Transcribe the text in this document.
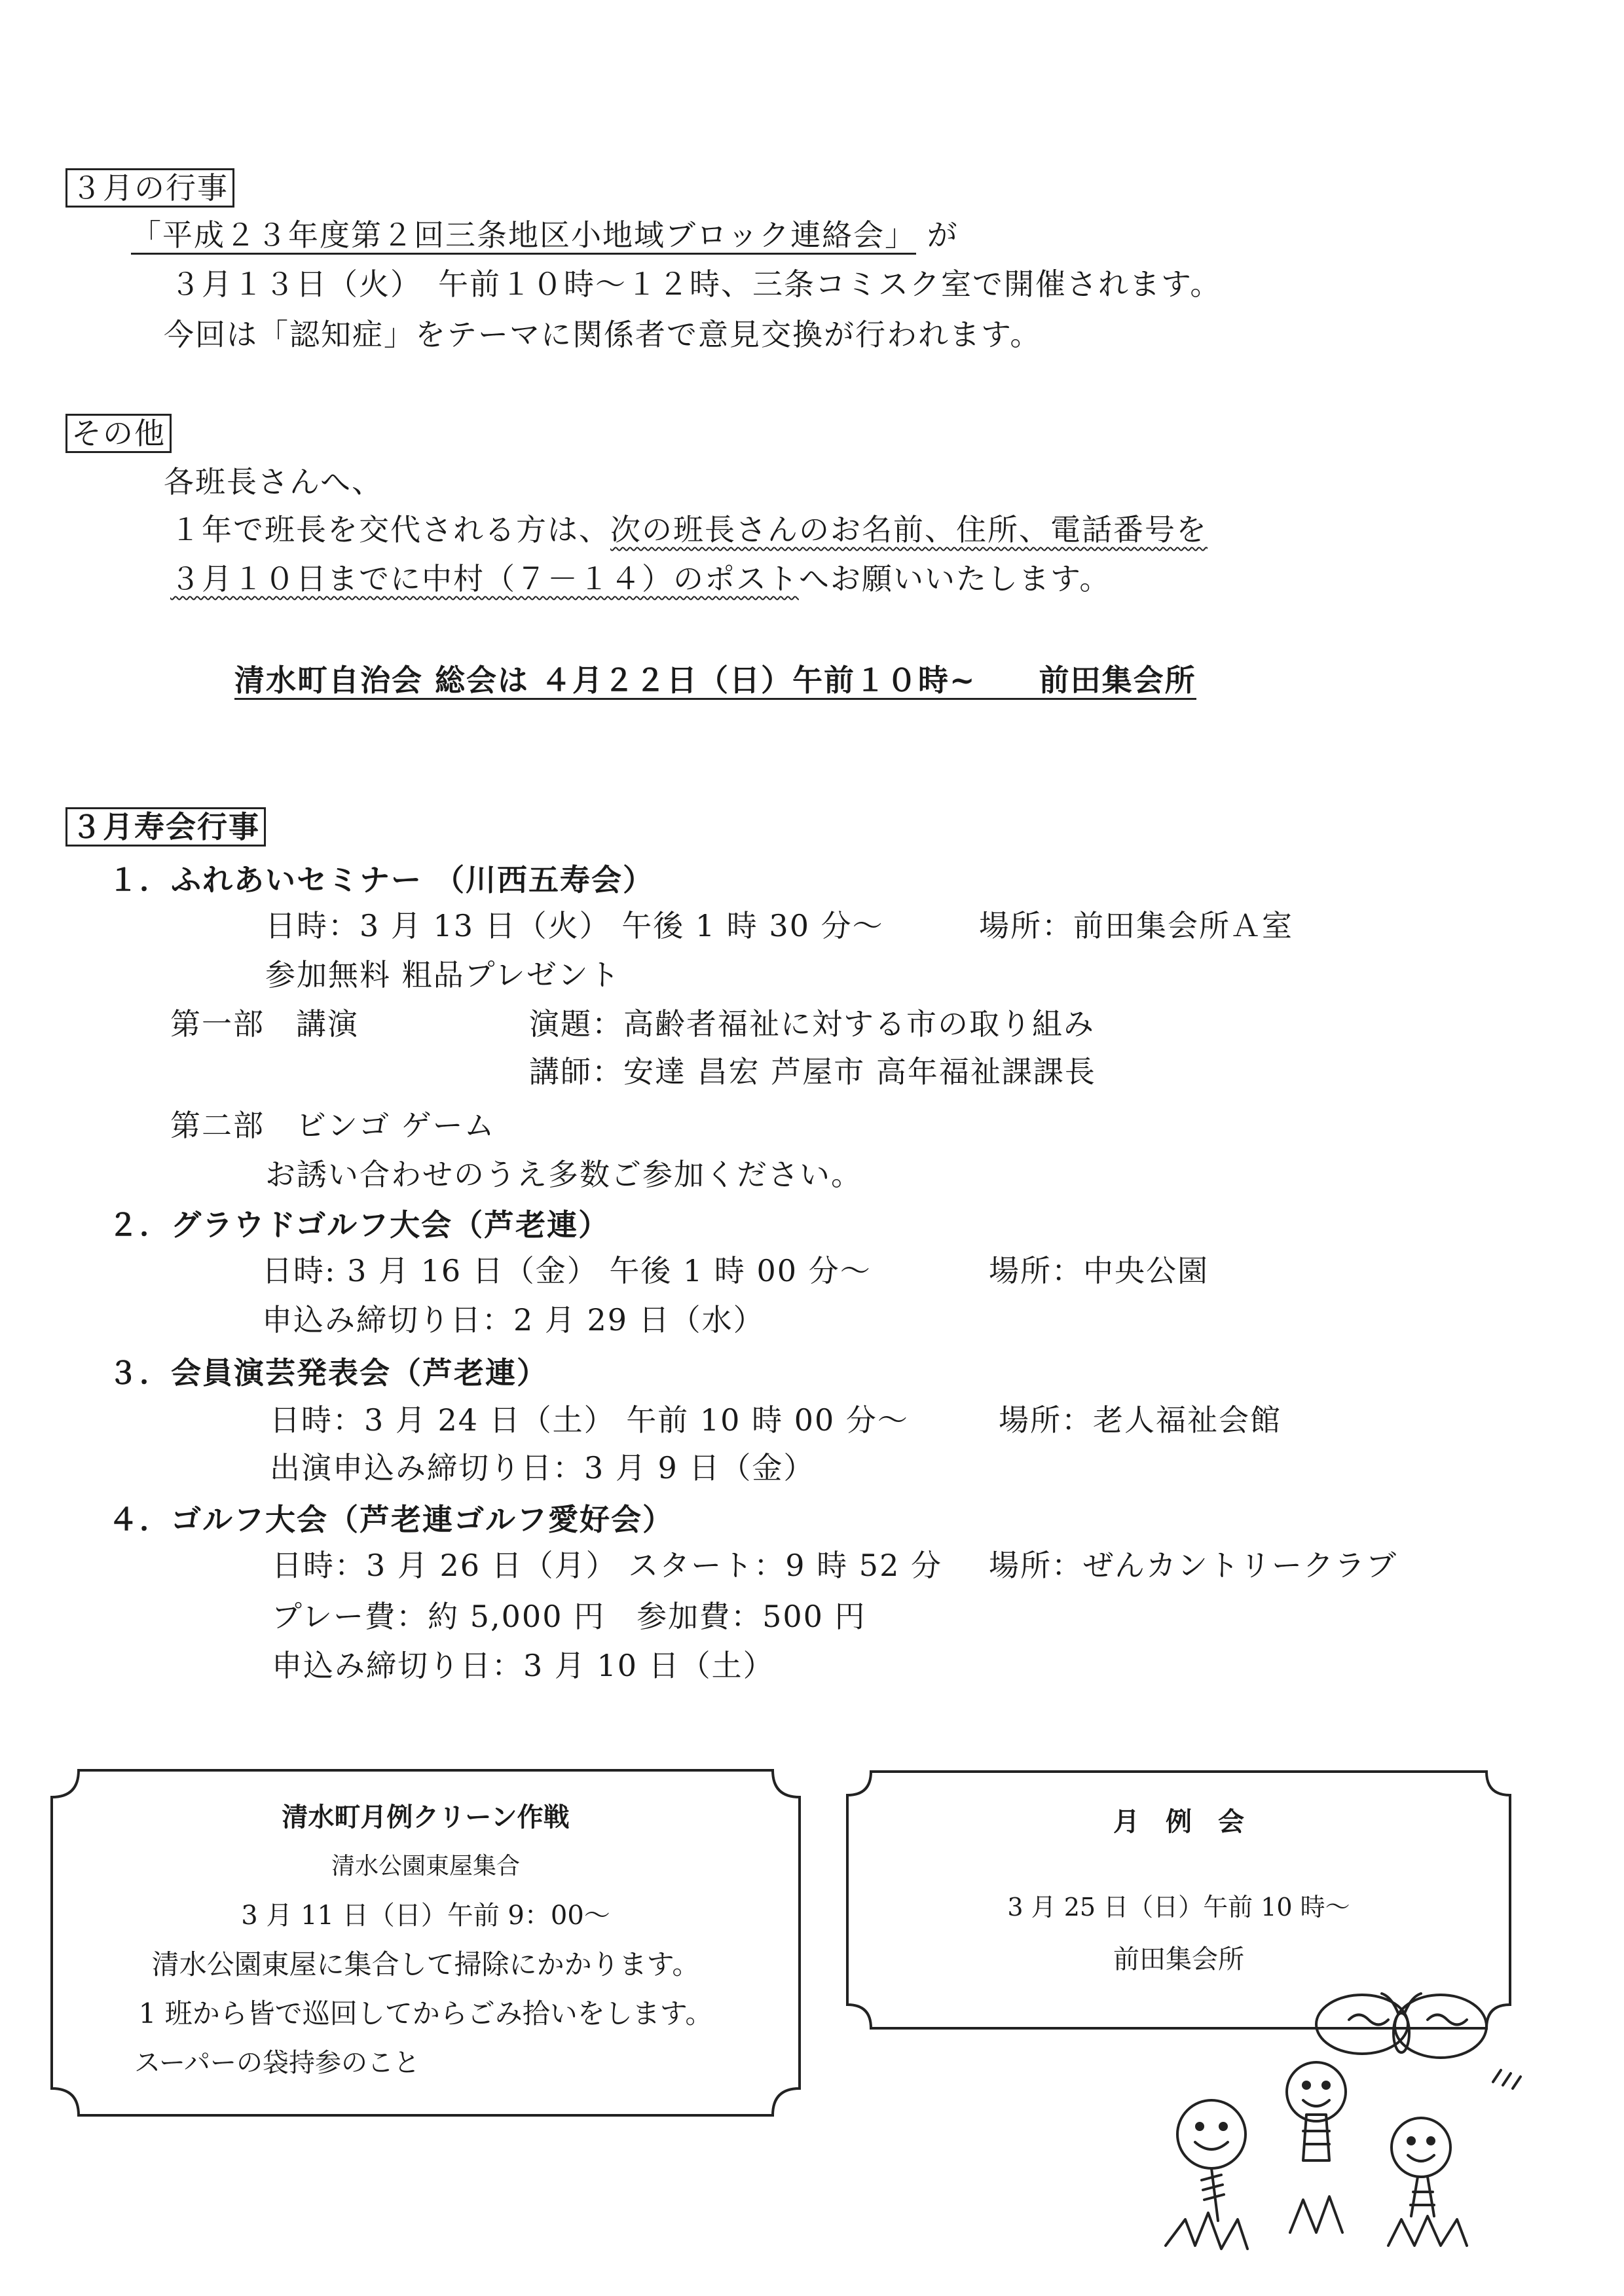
３月の行事
「平成２３年度第２回三条地区小地域ブロック連絡会」 が
３月１３日（火）　午前１０時～１２時、三条コミスク室で開催されます。
今回は「認知症」をテーマに関係者で意見交換が行われます。
その他
各班長さんへ、
１年で班長を交代される方は、次の班長さんのお名前、住所、電話番号を
３月１０日までに中村（７－１４）のポストへお願いいたします。
清水町自治会 総会は ４月２２日（日）午前１０時~　　前田集会所
３月寿会行事
１．ふれあいセミナー （川西五寿会）
日時：3 月 13 日（火） 午後 1 時 30 分～	場所：前田集会所Ａ室
参加無料 粗品プレゼント
第一部　講演	演題：高齢者福祉に対する市の取り組み
講師：安達 昌宏 芦屋市 高年福祉課課長
第二部　ビンゴ ゲーム
お誘い合わせのうえ多数ご参加ください。
２．グラウドゴルフ大会（芦老連）
日時: 3 月 16 日（金） 午後 1 時 00 分～	場所：中央公園
申込み締切り日：2 月 29 日（水）
３．会員演芸発表会（芦老連）
日時：3 月 24 日（土） 午前 10 時 00 分～	場所：老人福祉会館
出演申込み締切り日：3 月 9 日（金）
４．ゴルフ大会（芦老連ゴルフ愛好会）
日時：3 月 26 日（月） スタート：9 時 52 分 場所：ぜんカントリークラブ
プレー費：約 5,000 円　参加費：500 円
申込み締切り日：3 月 10 日（土）
清水町月例クリーン作戦
清水公園東屋集合
3 月 11 日（日）午前 9：00～
清水公園東屋に集合して掃除にかかります。
1 班から皆で巡回してからごみ拾いをします。
スーパーの袋持参のこと
月　例　会
3 月 25 日（日）午前 10 時～
前田集会所
